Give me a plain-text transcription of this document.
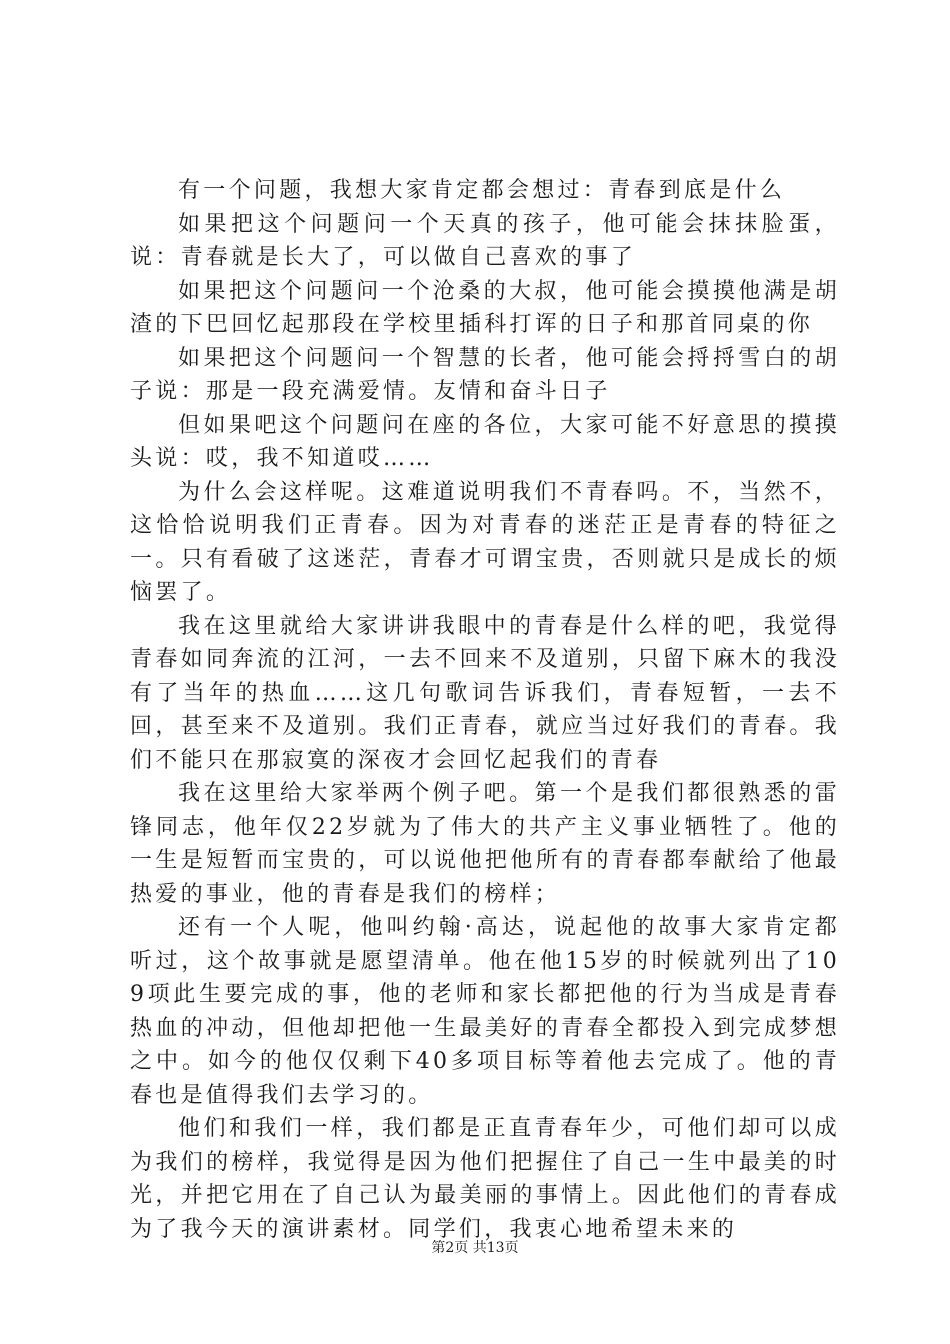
有一个问题，我想大家肯定都会想过：青春到底是什么

如果把这个问题问一个天真的孩子，他可能会抹抹脸蛋，说：青春就是长大了，可以做自己喜欢的事了

如果把这个问题问一个沧桑的大叔，他可能会摸摸他满是胡渣的下巴回忆起那段在学校里插科打诨的日子和那首同桌的你

如果把这个问题问一个智慧的长者，他可能会捋捋雪白的胡子说：那是一段充满爱情。友情和奋斗日子

但如果吧这个问题问在座的各位，大家可能不好意思的摸摸头说：哎，我不知道哎……

为什么会这样呢。这难道说明我们不青春吗。不，当然不，这恰恰说明我们正青春。因为对青春的迷茫正是青春的特征之一。只有看破了这迷茫，青春才可谓宝贵，否则就只是成长的烦恼罢了。

我在这里就给大家讲讲我眼中的青春是什么样的吧，我觉得青春如同奔流的江河，一去不回来不及道别，只留下麻木的我没有了当年的热血……这几句歌词告诉我们，青春短暂，一去不回，甚至来不及道别。我们正青春，就应当过好我们的青春。我们不能只在那寂寞的深夜才会回忆起我们的青春

我在这里给大家举两个例子吧。第一个是我们都很熟悉的雷锋同志，他年仅22岁就为了伟大的共产主义事业牺牲了。他的一生是短暂而宝贵的，可以说他把他所有的青春都奉献给了他最热爱的事业，他的青春是我们的榜样；

还有一个人呢，他叫约翰·高达，说起他的故事大家肯定都听过，这个故事就是愿望清单。他在他15岁的时候就列出了109项此生要完成的事，他的老师和家长都把他的行为当成是青春热血的冲动，但他却把他一生最美好的青春全都投入到完成梦想之中。如今的他仅仅剩下40多项目标等着他去完成了。他的青春也是值得我们去学习的。

他们和我们一样，我们都是正直青春年少，可他们却可以成为我们的榜样，我觉得是因为他们把握住了自己一生中最美的时光，并把它用在了自己认为最美丽的事情上。因此他们的青春成为了我今天的演讲素材。同学们，我衷心地希望未来的

第2页 共13页
